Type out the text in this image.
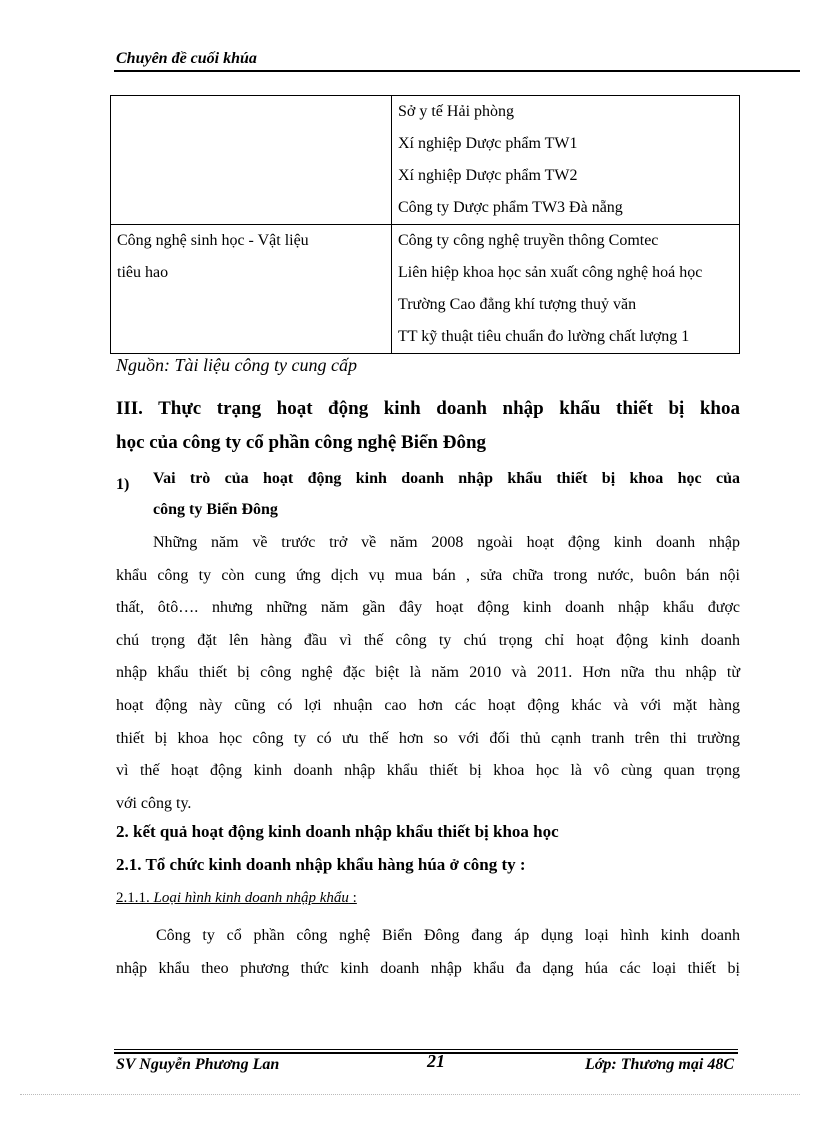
Chuyên đề cuối khúa

	Sở y tế Hải phòng
Xí nghiệp Dược phẩm TW1
Xí nghiệp Dược phẩm TW2
Công ty Dược phẩm TW3 Đà nẵng

Công nghệ sinh học - Vật liệu
tiêu hao	Công ty công nghệ truyền thông Comtec
Liên hiệp khoa học sản xuất công nghệ hoá học
Trường Cao đẳng khí tượng thuỷ văn
TT kỹ thuật tiêu chuẩn đo lường chất lượng 1
Nguồn: Tài liệu công ty cung cấp
III. Thực trạng hoạt động kinh doanh nhập khẩu thiết bị khoa
học của công ty cổ phần công nghệ Biển Đông
1) Vai trò của hoạt động kinh doanh nhập khẩu thiết bị khoa học của
công ty Biển Đông
Những năm về trước trở về năm 2008 ngoài hoạt động kinh doanh nhập
khẩu công ty còn cung ứng dịch vụ mua bán , sửa chữa trong nước, buôn bán nội
thất, ôtô…. nhưng những năm gần đây hoạt động kinh doanh nhập khẩu được
chú trọng đặt lên hàng đầu vì thế công ty chú trọng chỉ hoạt động kinh doanh
nhập khẩu thiết bị công nghệ đặc biệt là năm 2010 và 2011. Hơn nữa thu nhập từ
hoạt động này cũng có lợi nhuận cao hơn các hoạt động khác và với mặt hàng
thiết bị khoa học công ty có ưu thế hơn so với đối thủ cạnh tranh trên thi trường
vì thế hoạt động kinh doanh nhập khẩu thiết bị khoa học là vô cùng quan trọng
với công ty.
2. kết quả hoạt động kinh doanh nhập khẩu thiết bị khoa học
2.1. Tổ chức kinh doanh nhập khẩu hàng húa ở công ty :
2.1.1. Loại hình kinh doanh nhập khẩu :
Công ty cổ phần công nghệ Biển Đông đang áp dụng loại hình kinh doanh
nhập khẩu theo phương thức kinh doanh nhập khẩu đa dạng húa các loại thiết bị
SV Nguyễn Phương Lan	21	Lớp: Thương mại 48C
